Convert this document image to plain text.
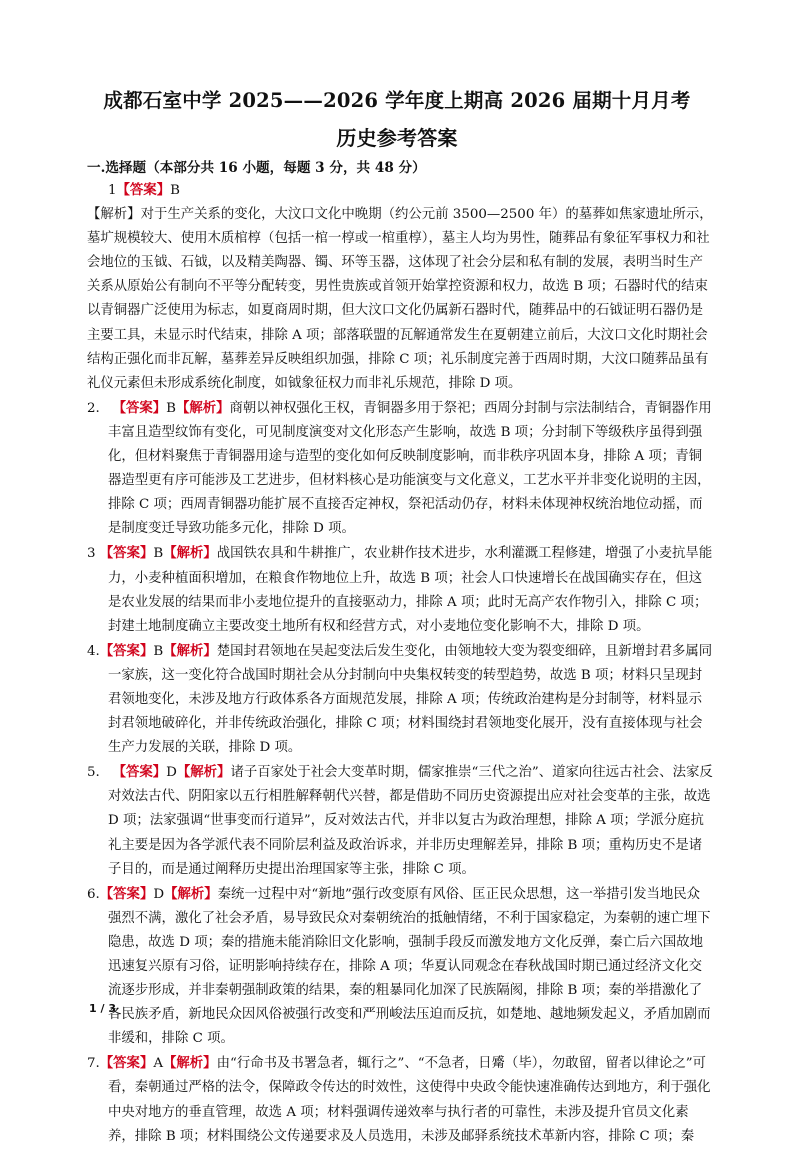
成都石室中学 2025——2026 学年度上期高 2026 届期十月月考
历史参考答案
一.选择题（本部分共 16 小题，每题 3 分，共 48 分）
1【答案】B
【解析】对于生产关系的变化，大汶口文化中晚期（约公元前 3500—2500 年）的墓葬如焦家遗址所示，墓圹规模较大、使用木质棺椁（包括一棺一椁或一棺重椁），墓主人均为男性，随葬品有象征军事权力和社会地位的玉钺、石钺，以及精美陶器、镯、环等玉器，这体现了社会分层和私有制的发展，表明当时生产关系从原始公有制向不平等分配转变，男性贵族或首领开始掌控资源和权力，故选 B 项；石器时代的结束以青铜器广泛使用为标志，如夏商周时期，但大汶口文化仍属新石器时代，随葬品中的石钺证明石器仍是主要工具，未显示时代结束，排除 A 项；部落联盟的瓦解通常发生在夏朝建立前后，大汶口文化时期社会结构正强化而非瓦解，墓葬差异反映组织加强，排除 C 项；礼乐制度完善于西周时期，大汶口随葬品虽有礼仪元素但未形成系统化制度，如钺象征权力而非礼乐规范，排除 D 项。
2. 【答案】B【解析】商朝以神权强化王权，青铜器多用于祭祀；西周分封制与宗法制结合，青铜器作用丰富且造型纹饰有变化，可见制度演变对文化形态产生影响，故选 B 项；分封制下等级秩序虽得到强化，但材料聚焦于青铜器用途与造型的变化如何反映制度影响，而非秩序巩固本身，排除 A 项；青铜器造型更有序可能涉及工艺进步，但材料核心是功能演变与文化意义，工艺水平并非变化说明的主因，排除 C 项；西周青铜器功能扩展不直接否定神权，祭祀活动仍存，材料未体现神权统治地位动摇，而是制度变迁导致功能多元化，排除 D 项。
3 【答案】B【解析】战国铁农具和牛耕推广，农业耕作技术进步，水利灌溉工程修建，增强了小麦抗旱能力，小麦种植面积增加，在粮食作物地位上升，故选 B 项；社会人口快速增长在战国确实存在，但这是农业发展的结果而非小麦地位提升的直接驱动力，排除 A 项；此时无高产农作物引入，排除 C 项；封建土地制度确立主要改变土地所有权和经营方式，对小麦地位变化影响不大，排除 D 项。
4.【答案】B【解析】楚国封君领地在吴起变法后发生变化，由领地较大变为裂变细碎，且新增封君多属同一家族，这一变化符合战国时期社会从分封制向中央集权转变的转型趋势，故选 B 项；材料只呈现封君领地变化，未涉及地方行政体系各方面规范发展，排除 A 项；传统政治建构是分封制等，材料显示封君领地破碎化，并非传统政治强化，排除 C 项；材料围绕封君领地变化展开，没有直接体现与社会生产力发展的关联，排除 D 项。
5. 【答案】D【解析】诸子百家处于社会大变革时期，儒家推崇“三代之治”、道家向往远古社会、法家反对效法古代、阴阳家以五行相胜解释朝代兴替，都是借助不同历史资源提出应对社会变革的主张，故选 D 项；法家强调“世事变而行道异”，反对效法古代，并非以复古为政治理想，排除 A 项；学派分庭抗礼主要是因为各学派代表不同阶层利益及政治诉求，并非历史理解差异，排除 B 项；重构历史不是诸子目的，而是通过阐释历史提出治理国家等主张，排除 C 项。
6.【答案】D【解析】秦统一过程中对“新地”强行改变原有风俗、匡正民众思想，这一举措引发当地民众强烈不满，激化了社会矛盾，易导致民众对秦朝统治的抵触情绪，不利于国家稳定，为秦朝的速亡埋下隐患，故选 D 项；秦的措施未能消除旧文化影响，强制手段反而激发地方文化反弹，秦亡后六国故地迅速复兴原有习俗，证明影响持续存在，排除 A 项；华夏认同观念在春秋战国时期已通过经济文化交流逐步形成，并非秦朝强制政策的结果，秦的粗暴同化加深了民族隔阂，排除 B 项；秦的举措激化了各民族矛盾，新地民众因风俗被强行改变和严刑峻法压迫而反抗，如楚地、越地频发起义，矛盾加剧而非缓和，排除 C 项。
7.【答案】A【解析】由“行命书及书署急者，辄行之”、“不急者，日觱（毕），勿敢留，留者以律论之”可看，秦朝通过严格的法令，保障政令传达的时效性，这使得中央政令能快速准确传达到地方，利于强化中央对地方的垂直管理，故选 A 项；材料强调传递效率与执行者的可靠性，未涉及提升官员文化素养，排除 B 项；材料围绕公文传递要求及人员选用，未涉及邮驿系统技术革新内容，排除 C 项；秦
1 / 3
